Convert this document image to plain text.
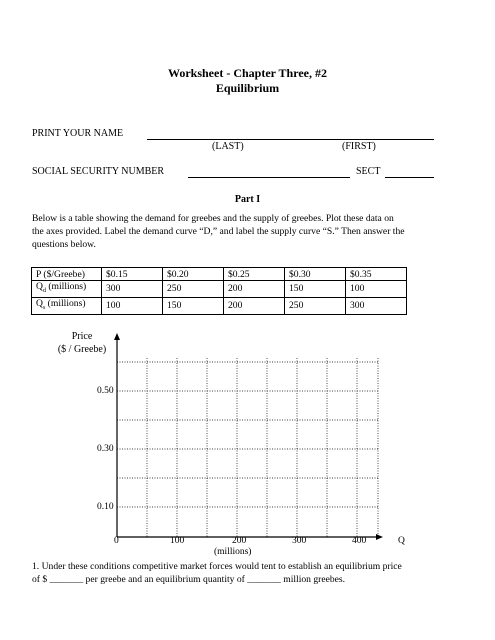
Worksheet - Chapter Three, #2
Equilibrium
PRINT YOUR NAME
(LAST)	(FIRST)
SOCIAL SECURITY NUMBER	SECT
Part I
Below is a table showing the demand for greebes and the supply of greebes. Plot these data on
the axes provided. Label the demand curve “D,” and label the supply curve “S.” Then answer the
questions below.
P ($/Greebe)	$0.15	$0.20	$0.25	$0.30	$0.35
$Q_d$ (millions)	300	250	200	150	100
$Q_s$ (millions)	100	150	200	250	300
Price
($ / Greebe)
0.50
0.30
0.10
0	100	200	300	400	Q
(millions)
1. Under these conditions competitive market forces would tent to establish an equilibrium price
of $ _______ per greebe and an equilibrium quantity of _______ million greebes.
